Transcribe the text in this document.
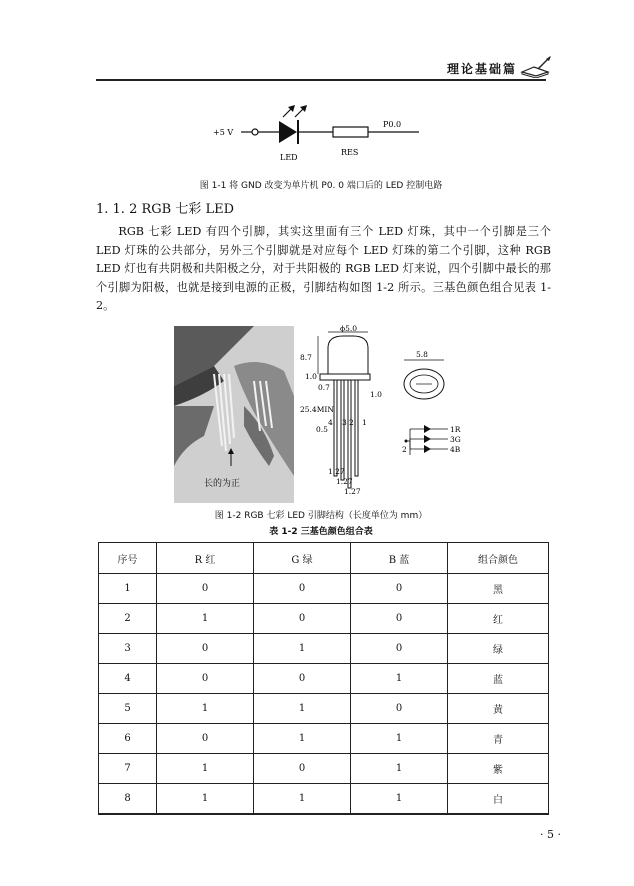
理论基础篇
+5 V
LED
RES
P0.0
图 1-1 将 GND 改变为单片机 P0. 0 端口后的 LED 控制电路
1. 1. 2 RGB 七彩 LED
RGB 七彩 LED 有四个引脚，其实这里面有三个 LED 灯珠，其中一个引脚是三个 LED 灯珠的公共部分，另外三个引脚就是对应每个 LED 灯珠的第二个引脚，这种 RGB LED 灯也有共阴极和共阳极之分，对于共阳极的 RGB LED 灯来说，四个引脚中最长的那个引脚为阳极，也就是接到电源的正极，引脚结构如图 1-2 所示。三基色颜色组合见表 1-2。
长的为正
ϕ5.0
8.7
1.0
0.7
25.4MIN
1.0
0.5
4 3 2 1
1.27
1.27
1.27
5.8
1R
3G
4B
2
图 1-2 RGB 七彩 LED 引脚结构（长度单位为 mm）
表 1-2 三基色颜色组合表
序号	R 红	G 绿	B 蓝	组合颜色
1	0	0	0	黑
2	1	0	0	红
3	0	1	0	绿
4	0	0	1	蓝
5	1	1	0	黄
6	0	1	1	青
7	1	0	1	紫
8	1	1	1	白
· 5 ·
